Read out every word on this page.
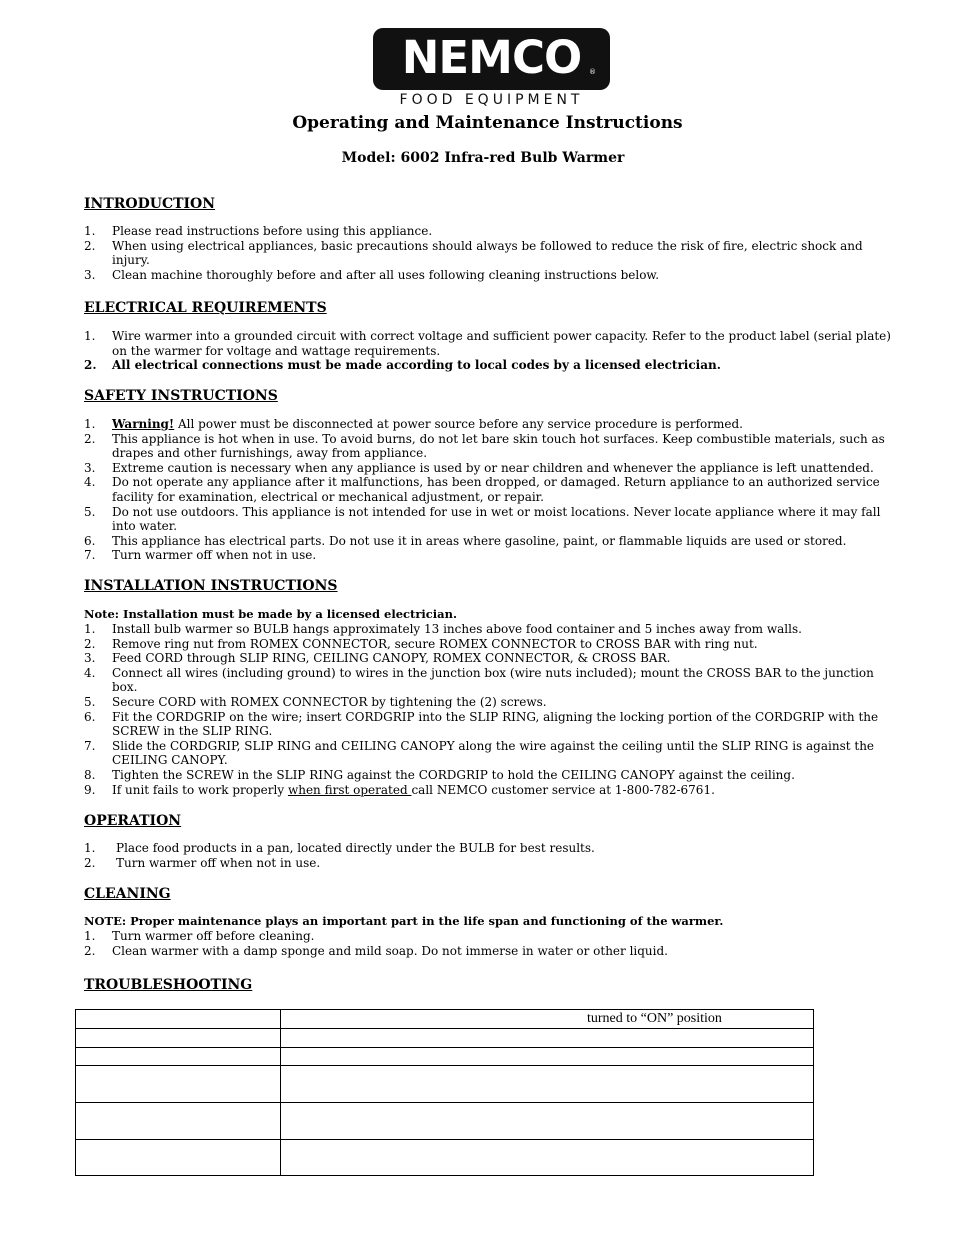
NEMCO	®
FOOD EQUIPMENT
Operating and Maintenance Instructions
Model: 6002 Infra-red Bulb Warmer
INTRODUCTION
1. Please read instructions before using this appliance.
2. When using electrical appliances, basic precautions should always be followed to reduce the risk of fire, electric shock and injury.
3. Clean machine thoroughly before and after all uses following cleaning instructions below.
ELECTRICAL REQUIREMENTS
1. Wire warmer into a grounded circuit with correct voltage and sufficient power capacity. Refer to the product label (serial plate) on the warmer for voltage and wattage requirements.
2. All electrical connections must be made according to local codes by a licensed electrician.
SAFETY INSTRUCTIONS
1. Warning! All power must be disconnected at power source before any service procedure is performed.
2. This appliance is hot when in use. To avoid burns, do not let bare skin touch hot surfaces. Keep combustible materials, such as drapes and other furnishings, away from appliance.
3. Extreme caution is necessary when any appliance is used by or near children and whenever the appliance is left unattended.
4. Do not operate any appliance after it malfunctions, has been dropped, or damaged. Return appliance to an authorized service facility for examination, electrical or mechanical adjustment, or repair.
5. Do not use outdoors. This appliance is not intended for use in wet or moist locations. Never locate appliance where it may fall into water.
6. This appliance has electrical parts. Do not use it in areas where gasoline, paint, or flammable liquids are used or stored.
7. Turn warmer off when not in use.
INSTALLATION INSTRUCTIONS
Note: Installation must be made by a licensed electrician.
1. Install bulb warmer so BULB hangs approximately 13 inches above food container and 5 inches away from walls.
2. Remove ring nut from ROMEX CONNECTOR, secure ROMEX CONNECTOR to CROSS BAR with ring nut.
3. Feed CORD through SLIP RING, CEILING CANOPY, ROMEX CONNECTOR, & CROSS BAR.
4. Connect all wires (including ground) to wires in the junction box (wire nuts included); mount the CROSS BAR to the junction box.
5. Secure CORD with ROMEX CONNECTOR by tightening the (2) screws.
6. Fit the CORDGRIP on the wire; insert CORDGRIP into the SLIP RING, aligning the locking portion of the CORDGRIP with the SCREW in the SLIP RING.
7. Slide the CORDGRIP, SLIP RING and CEILING CANOPY along the wire against the ceiling until the SLIP RING is against the CEILING CANOPY.
8. Tighten the SCREW in the SLIP RING against the CORDGRIP to hold the CEILING CANOPY against the ceiling.
9. If unit fails to work properly when first operated call NEMCO customer service at 1-800-782-6761.
OPERATION
1. Place food products in a pan, located directly under the BULB for best results.
2. Turn warmer off when not in use.
CLEANING
NOTE: Proper maintenance plays an important part in the life span and functioning of the warmer.
1. Turn warmer off before cleaning.
2. Clean warmer with a damp sponge and mild soap. Do not immerse in water or other liquid.
TROUBLESHOOTING

	turned to “ON” position
